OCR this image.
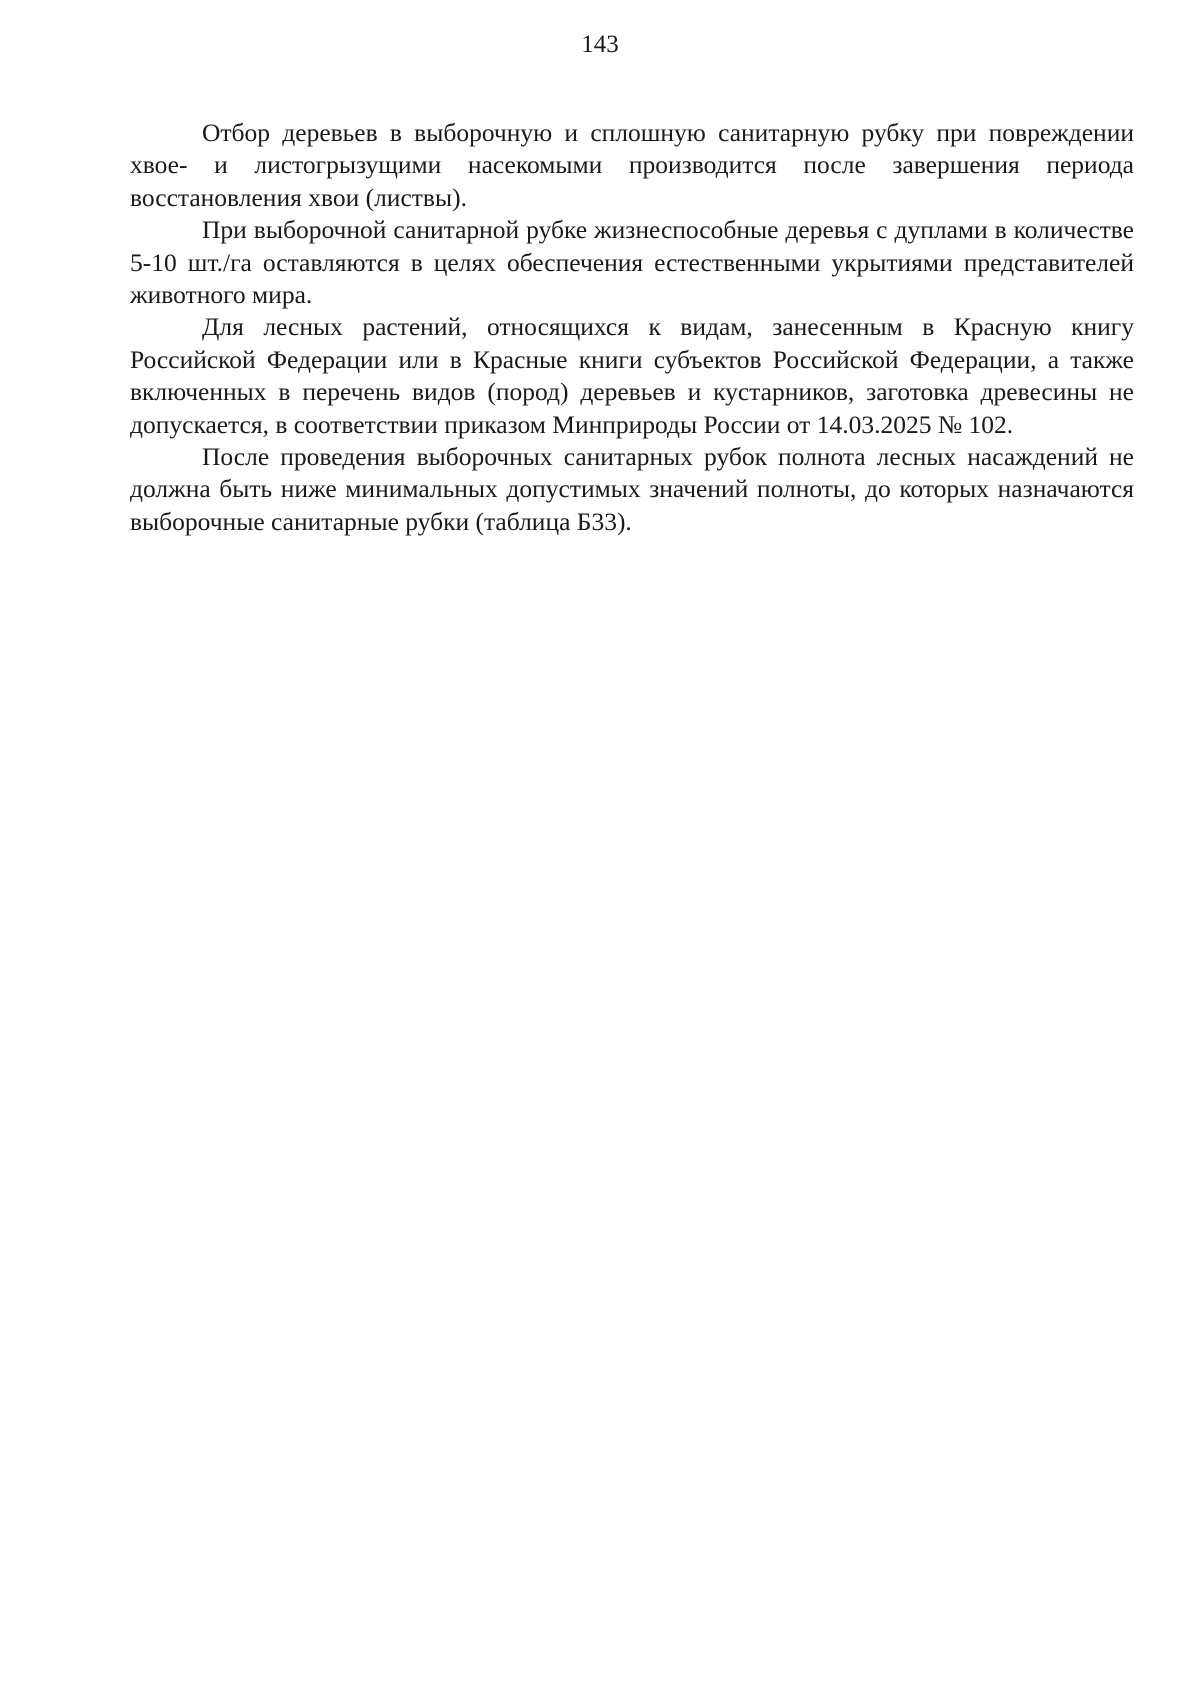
143

Отбор деревьев в выборочную и сплошную санитарную рубку при повреждении хвое- и листогрызущими насекомыми производится после завершения периода восстановления хвои (листвы).

При выборочной санитарной рубке жизнеспособные деревья с дуплами в количестве 5-10 шт./га оставляются в целях обеспечения естественными укрытиями представителей животного мира.

Для лесных растений, относящихся к видам, занесенным в Красную книгу Российской Федерации или в Красные книги субъектов Российской Федерации, а также включенных в перечень видов (пород) деревьев и кустарников, заготовка древесины не допускается, в соответствии приказом Минприроды России от 14.03.2025 № 102.

После проведения выборочных санитарных рубок полнота лесных насаждений не должна быть ниже минимальных допустимых значений полноты, до которых назначаются выборочные санитарные рубки (таблица Б33).
